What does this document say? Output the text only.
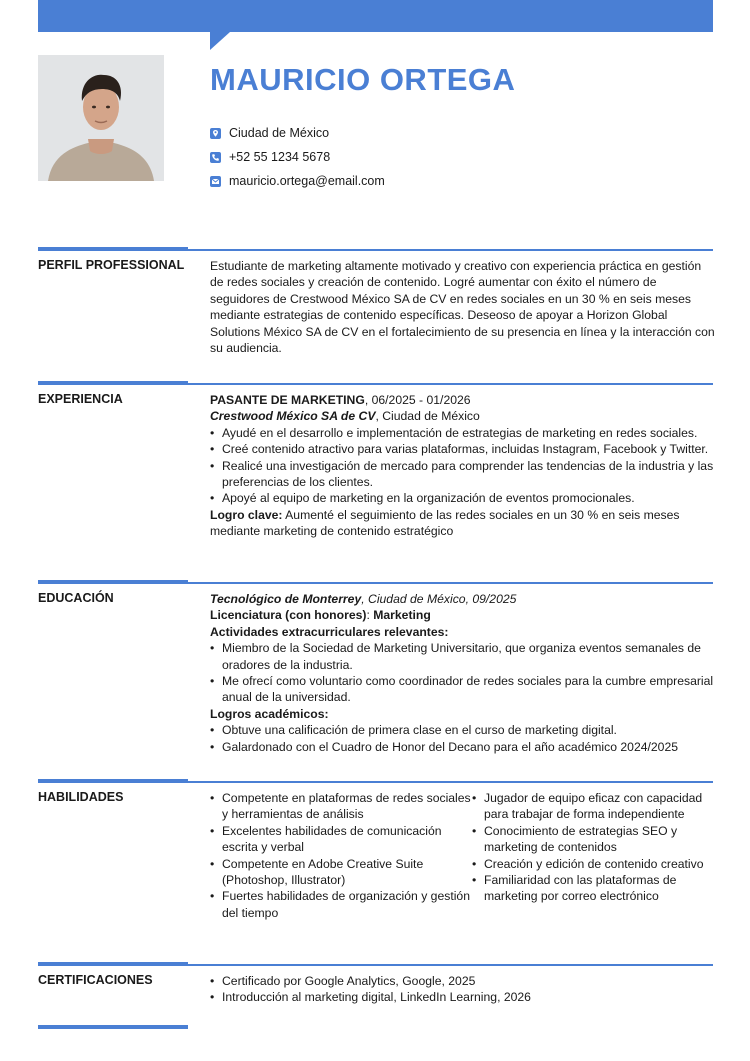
MAURICIO ORTEGA
Ciudad de México
+52 55 1234 5678
mauricio.ortega@email.com
PERFIL PROFESSIONAL Estudiante de marketing altamente motivado y creativo con experiencia práctica en gestión de redes sociales y creación de contenido. Logré aumentar con éxito el número de seguidores de Crestwood México SA de CV en redes sociales en un 30 % en seis meses mediante estrategias de contenido específicas. Deseoso de apoyar a Horizon Global Solutions México SA de CV en el fortalecimiento de su presencia en línea y la interacción con su audiencia.
EXPERIENCIA	PASANTE DE MARKETING, 06/2025 - 01/2026
Crestwood México SA de CV, Ciudad de México
• Ayudé en el desarrollo e implementación de estrategias de marketing en redes sociales.
• Creé contenido atractivo para varias plataformas, incluidas Instagram, Facebook y Twitter.
• Realicé una investigación de mercado para comprender las tendencias de la industria y las preferencias de los clientes.
• Apoyé al equipo de marketing en la organización de eventos promocionales.
Logro clave: Aumenté el seguimiento de las redes sociales en un 30 % en seis meses mediante marketing de contenido estratégico
EDUCACIÓN	Tecnológico de Monterrey, Ciudad de México, 09/2025
Licenciatura (con honores): Marketing
Actividades extracurriculares relevantes:
• Miembro de la Sociedad de Marketing Universitario, que organiza eventos semanales de oradores de la industria.
• Me ofrecí como voluntario como coordinador de redes sociales para la cumbre empresarial anual de la universidad.
Logros académicos:
• Obtuve una calificación de primera clase en el curso de marketing digital.
• Galardonado con el Cuadro de Honor del Decano para el año académico 2024/2025
HABILIDADES	• Competente en plataformas de redes sociales y herramientas de análisis
• Excelentes habilidades de comunicación escrita y verbal
• Competente en Adobe Creative Suite (Photoshop, Illustrator)
• Fuertes habilidades de organización y gestión del tiempo
• Jugador de equipo eficaz con capacidad para trabajar de forma independiente
• Conocimiento de estrategias SEO y marketing de contenidos
• Creación y edición de contenido creativo
• Familiaridad con las plataformas de marketing por correo electrónico
CERTIFICACIONES	• Certificado por Google Analytics, Google, 2025
• Introducción al marketing digital, LinkedIn Learning, 2026
